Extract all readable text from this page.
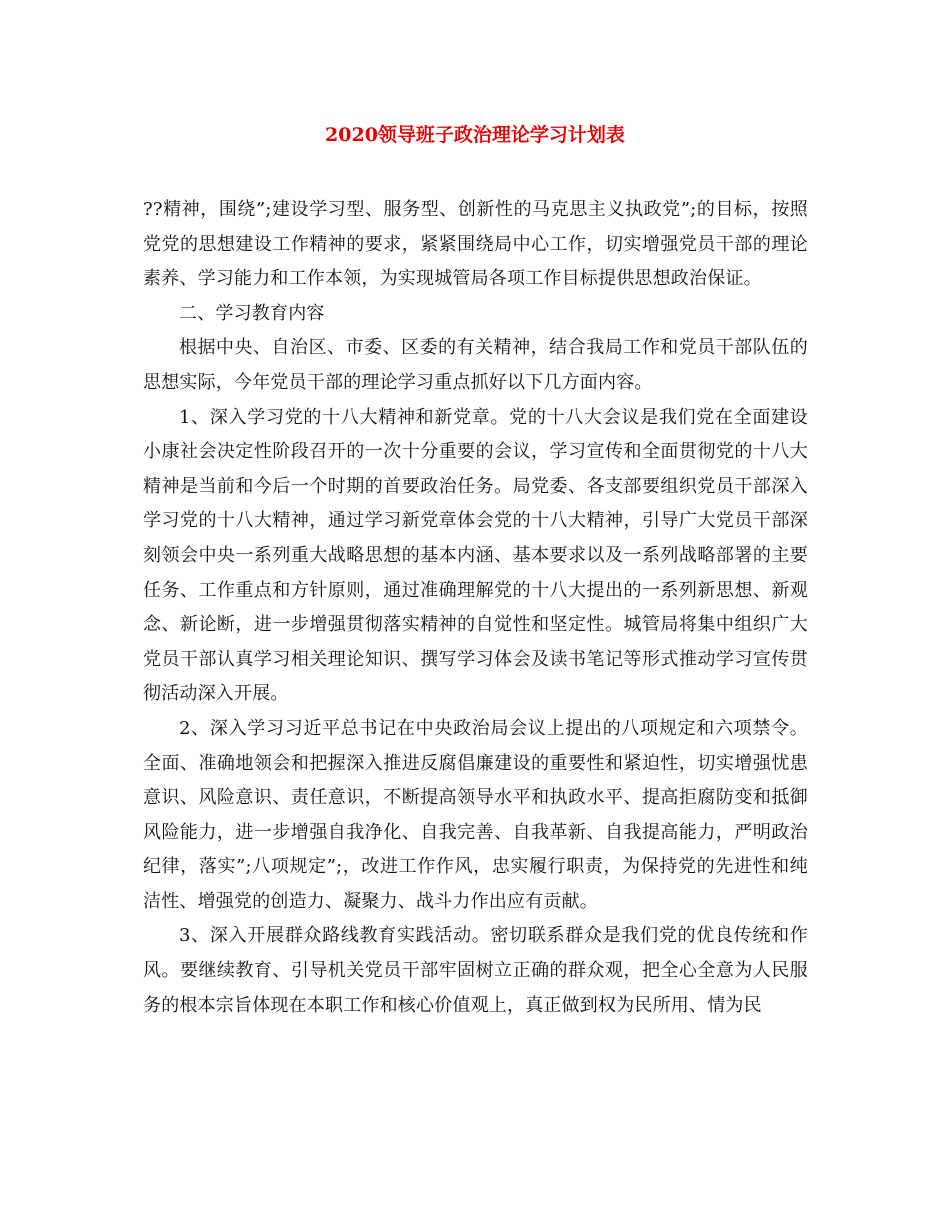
2020领导班子政治理论学习计划表

??精神，围绕”;建设学习型、服务型、创新性的马克思主义执政党”;的目标，按照党党的思想建设工作精神的要求，紧紧围绕局中心工作，切实增强党员干部的理论素养、学习能力和工作本领，为实现城管局各项工作目标提供思想政治保证。

二、学习教育内容

根据中央、自治区、市委、区委的有关精神，结合我局工作和党员干部队伍的思想实际，今年党员干部的理论学习重点抓好以下几方面内容。

1、深入学习党的十八大精神和新党章。党的十八大会议是我们党在全面建设小康社会决定性阶段召开的一次十分重要的会议，学习宣传和全面贯彻党的十八大精神是当前和今后一个时期的首要政治任务。局党委、各支部要组织党员干部深入学习党的十八大精神，通过学习新党章体会党的十八大精神，引导广大党员干部深刻领会中央一系列重大战略思想的基本内涵、基本要求以及一系列战略部署的主要任务、工作重点和方针原则，通过准确理解党的十八大提出的一系列新思想、新观念、新论断，进一步增强贯彻落实精神的自觉性和坚定性。城管局将集中组织广大党员干部认真学习相关理论知识、撰写学习体会及读书笔记等形式推动学习宣传贯彻活动深入开展。

2、深入学习习近平总书记在中央政治局会议上提出的八项规定和六项禁令。全面、准确地领会和把握深入推进反腐倡廉建设的重要性和紧迫性，切实增强忧患意识、风险意识、责任意识，不断提高领导水平和执政水平、提高拒腐防变和抵御风险能力，进一步增强自我净化、自我完善、自我革新、自我提高能力，严明政治纪律，落实”;八项规定”;，改进工作作风，忠实履行职责，为保持党的先进性和纯洁性、增强党的创造力、凝聚力、战斗力作出应有贡献。

3、深入开展群众路线教育实践活动。密切联系群众是我们党的优良传统和作风。要继续教育、引导机关党员干部牢固树立正确的群众观，把全心全意为人民服务的根本宗旨体现在本职工作和核心价值观上，真正做到权为民所用、情为民
